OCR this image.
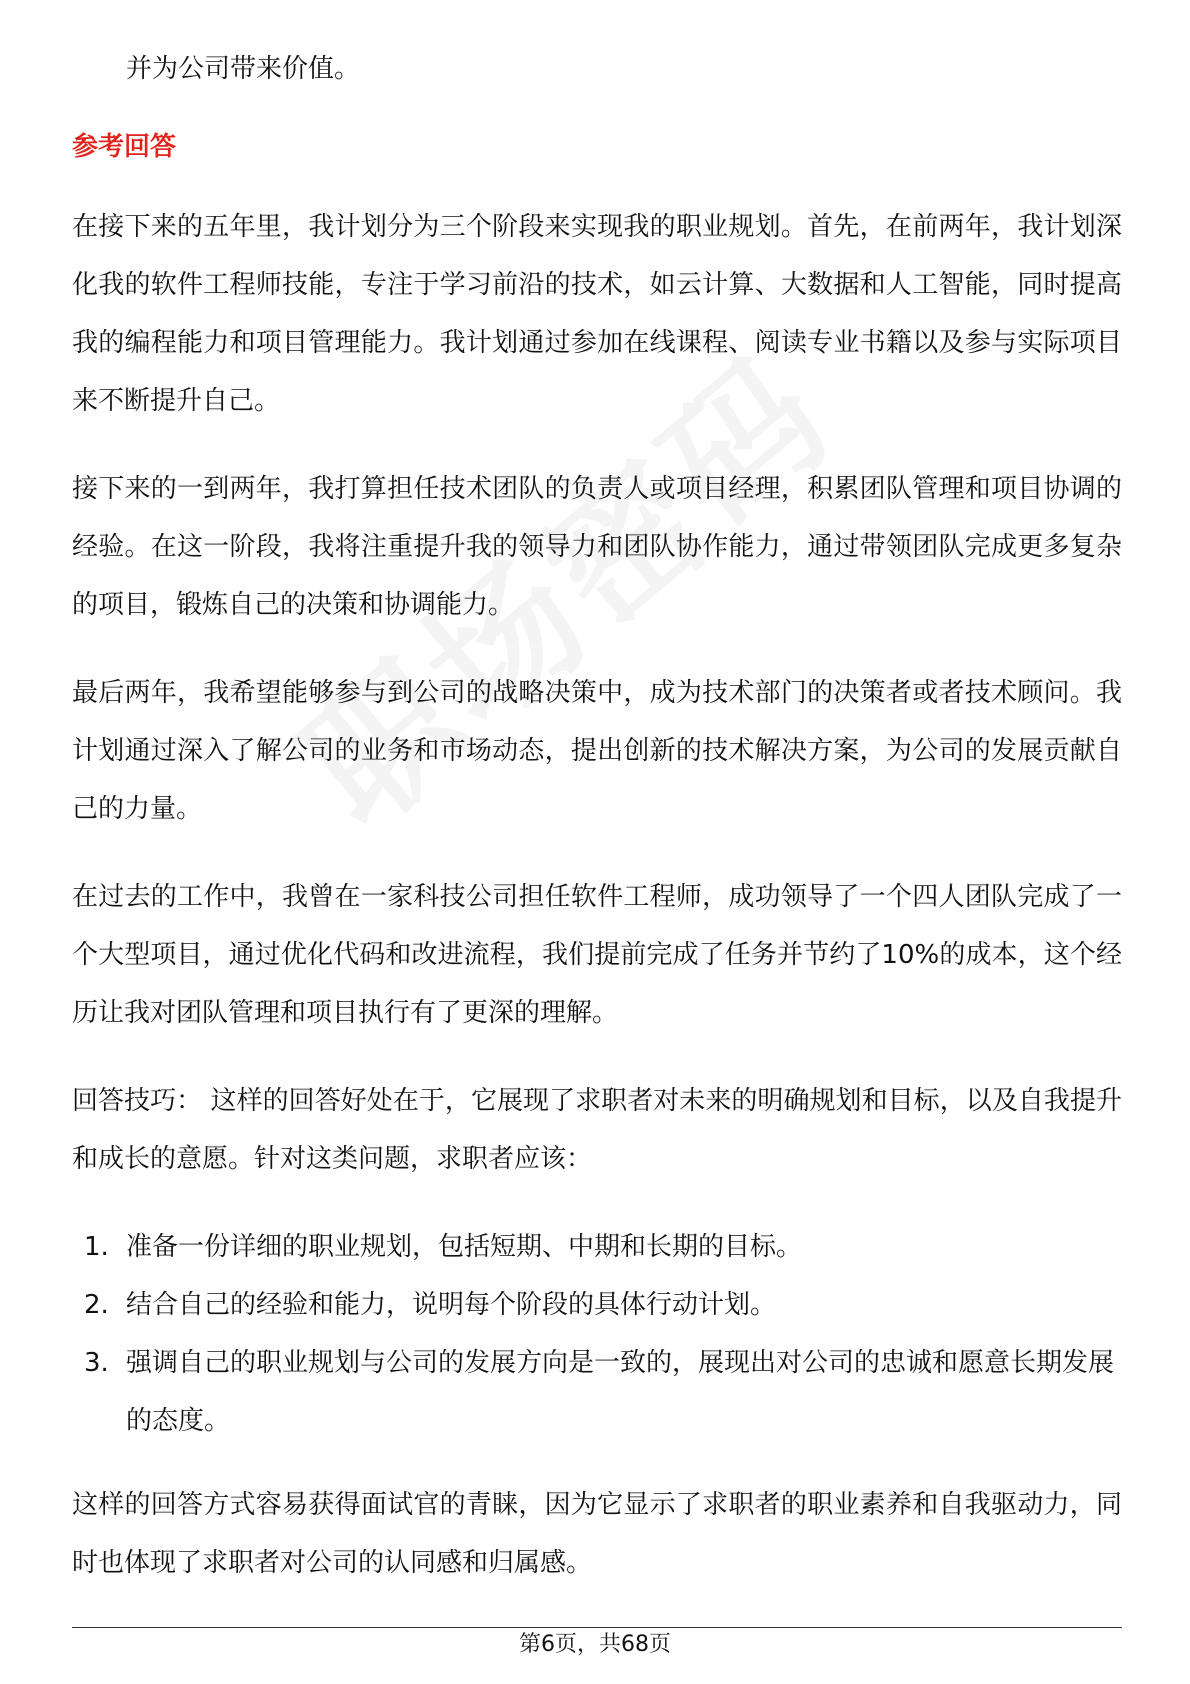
并为公司带来价值。

参考回答

在接下来的五年里，我计划分为三个阶段来实现我的职业规划。首先，在前两年，我计划深化我的软件工程师技能，专注于学习前沿的技术，如云计算、大数据和人工智能，同时提高我的编程能力和项目管理能力。我计划通过参加在线课程、阅读专业书籍以及参与实际项目来不断提升自己。

接下来的一到两年，我打算担任技术团队的负责人或项目经理，积累团队管理和项目协调的经验。在这一阶段，我将注重提升我的领导力和团队协作能力，通过带领团队完成更多复杂的项目，锻炼自己的决策和协调能力。

最后两年，我希望能够参与到公司的战略决策中，成为技术部门的决策者或者技术顾问。我计划通过深入了解公司的业务和市场动态，提出创新的技术解决方案，为公司的发展贡献自己的力量。

在过去的工作中，我曾在一家科技公司担任软件工程师，成功领导了一个四人团队完成了一个大型项目，通过优化代码和改进流程，我们提前完成了任务并节约了10%的成本，这个经历让我对团队管理和项目执行有了更深的理解。

回答技巧： 这样的回答好处在于，它展现了求职者对未来的明确规划和目标，以及自我提升和成长的意愿。针对这类问题，求职者应该：

1. 准备一份详细的职业规划，包括短期、中期和长期的目标。
2. 结合自己的经验和能力，说明每个阶段的具体行动计划。
3. 强调自己的职业规划与公司的发展方向是一致的，展现出对公司的忠诚和愿意长期发展的态度。

这样的回答方式容易获得面试官的青睐，因为它显示了求职者的职业素养和自我驱动力，同时也体现了求职者对公司的认同感和归属感。

第6页，共68页
